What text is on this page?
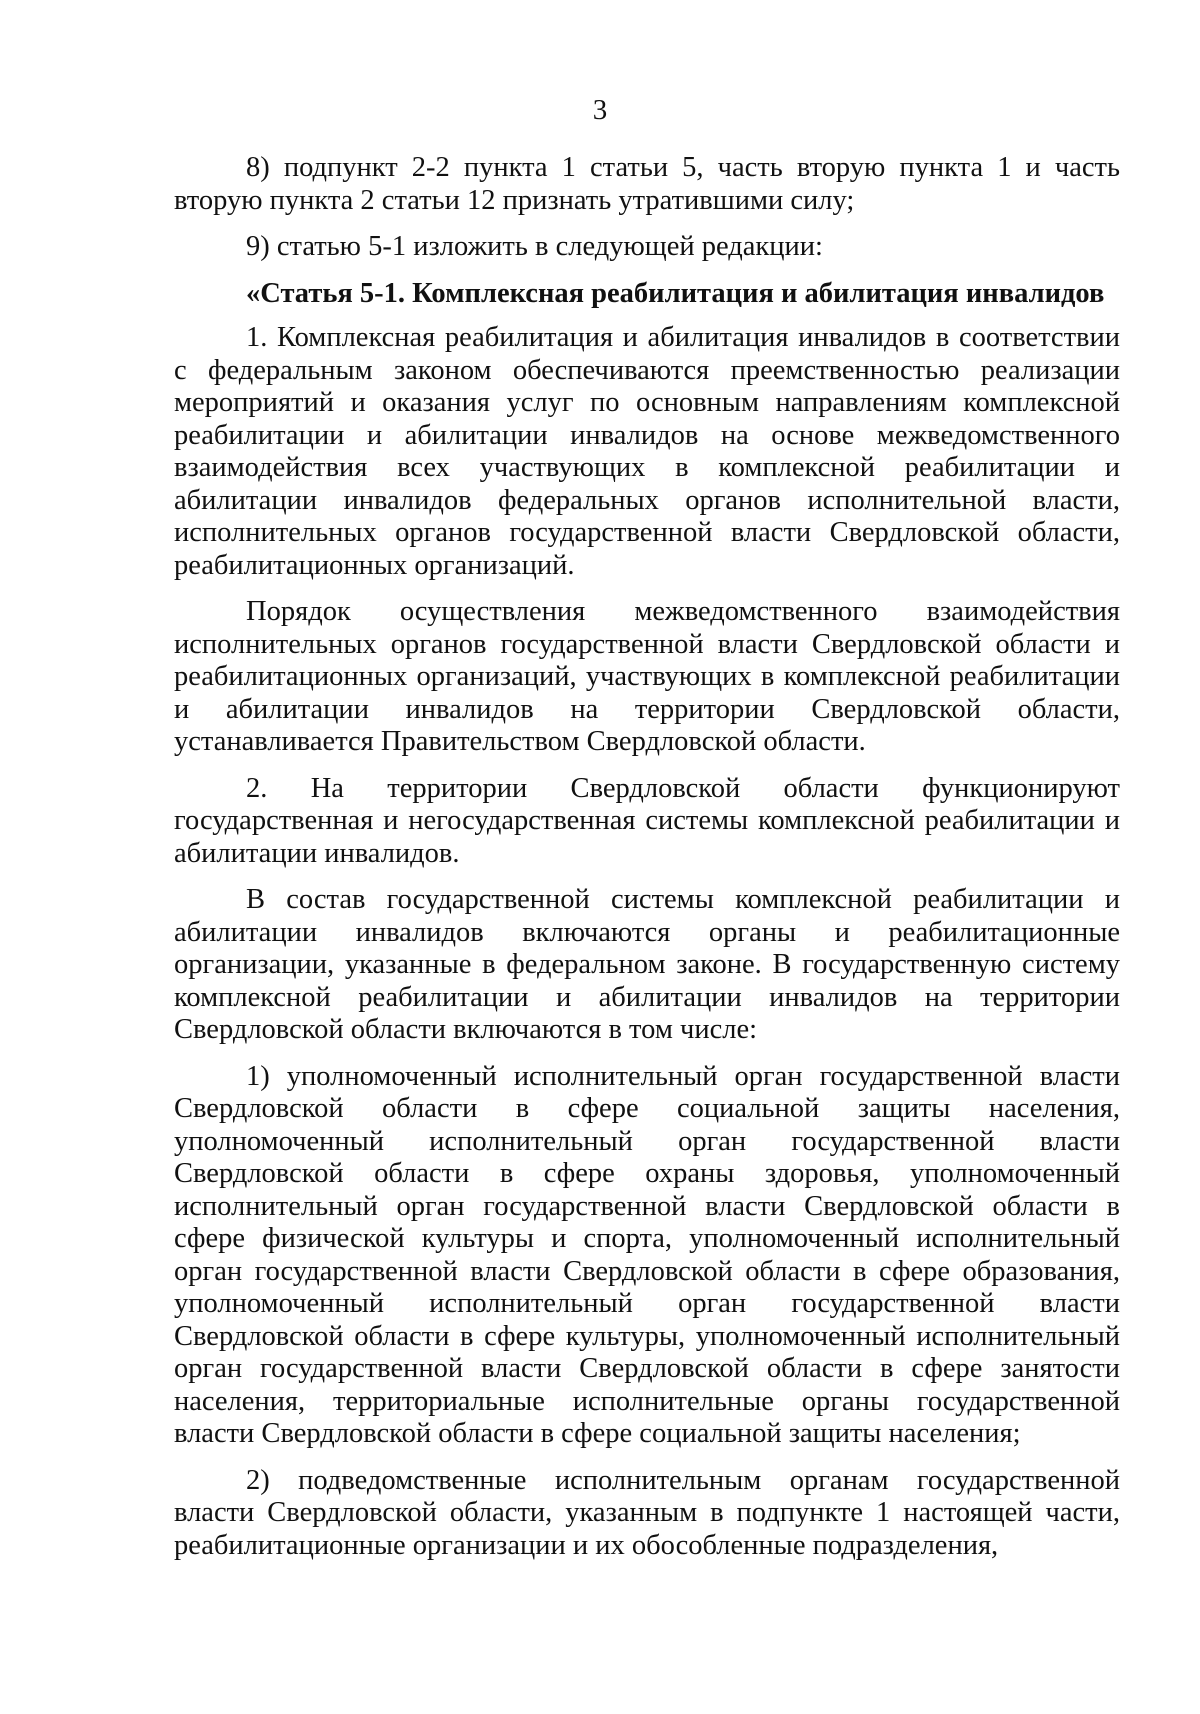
3

8) подпункт 2-2 пункта 1 статьи 5, часть вторую пункта 1 и часть вторую пункта 2 статьи 12 признать утратившими силу;

9) статью 5-1 изложить в следующей редакции:

«Статья 5-1. Комплексная реабилитация и абилитация инвалидов

1. Комплексная реабилитация и абилитация инвалидов в соответствии с федеральным законом обеспечиваются преемственностью реализации мероприятий и оказания услуг по основным направлениям комплексной реабилитации и абилитации инвалидов на основе межведомственного взаимодействия всех участвующих в комплексной реабилитации и абилитации инвалидов федеральных органов исполнительной власти, исполнительных органов государственной власти Свердловской области, реабилитационных организаций.

Порядок осуществления межведомственного взаимодействия исполнительных органов государственной власти Свердловской области и реабилитационных организаций, участвующих в комплексной реабилитации и абилитации инвалидов на территории Свердловской области, устанавливается Правительством Свердловской области.

2. На территории Свердловской области функционируют государственная и негосударственная системы комплексной реабилитации и абилитации инвалидов.

В состав государственной системы комплексной реабилитации и абилитации инвалидов включаются органы и реабилитационные организации, указанные в федеральном законе. В государственную систему комплексной реабилитации и абилитации инвалидов на территории Свердловской области включаются в том числе:

1) уполномоченный исполнительный орган государственной власти Свердловской области в сфере социальной защиты населения, уполномоченный исполнительный орган государственной власти Свердловской области в сфере охраны здоровья, уполномоченный исполнительный орган государственной власти Свердловской области в сфере физической культуры и спорта, уполномоченный исполнительный орган государственной власти Свердловской области в сфере образования, уполномоченный исполнительный орган государственной власти Свердловской области в сфере культуры, уполномоченный исполнительный орган государственной власти Свердловской области в сфере занятости населения, территориальные исполнительные органы государственной власти Свердловской области в сфере социальной защиты населения;

2) подведомственные исполнительным органам государственной власти Свердловской области, указанным в подпункте 1 настоящей части, реабилитационные организации и их обособленные подразделения,
